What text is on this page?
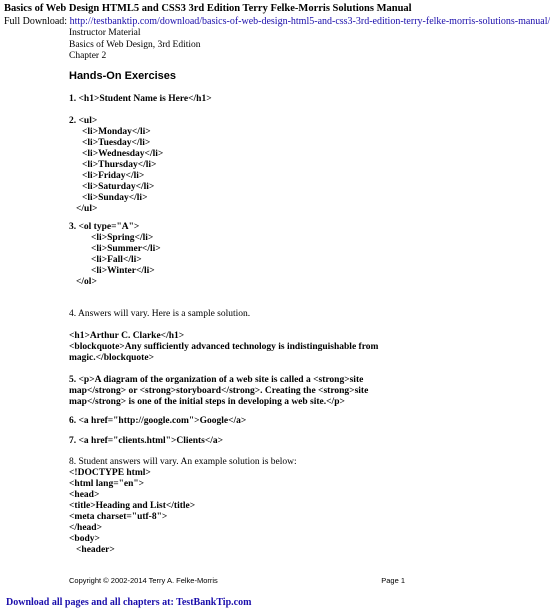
Basics of Web Design HTML5 and CSS3 3rd Edition Terry Felke-Morris Solutions Manual
Full Download: http://testbanktip.com/download/basics-of-web-design-html5-and-css3-3rd-edition-terry-felke-morris-solutions-manual/
Instructor Material
Basics of Web Design, 3rd Edition
Chapter 2
Hands-On Exercises
1. <h1>Student Name is Here</h1>
2. <ul>
<li>Monday</li>
<li>Tuesday</li>
<li>Wednesday</li>
<li>Thursday</li>
<li>Friday</li>
<li>Saturday</li>
<li>Sunday</li>
</ul>
3. <ol type="A">
<li>Spring</li>
<li>Summer</li>
<li>Fall</li>
<li>Winter</li>
</ol>
4. Answers will vary. Here is a sample solution.
<h1>Arthur C. Clarke</h1>
<blockquote>Any sufficiently advanced technology is indistinguishable from
magic.</blockquote>
5. <p>A diagram of the organization of a web site is called a <strong>site
map</strong> or <strong>storyboard</strong>. Creating the <strong>site
map</strong> is one of the initial steps in developing a web site.</p>
6. <a href="http://google.com">Google</a>
7. <a href="clients.html">Clients</a>
8. Student answers will vary. An example solution is below:
<!DOCTYPE html>
<html lang="en">
<head>
<title>Heading and List</title>
<meta charset="utf-8">
</head>
<body>
<header>
Copyright © 2002-2014 Terry A. Felke-Morris	Page 1
Download all pages and all chapters at: TestBankTip.com
